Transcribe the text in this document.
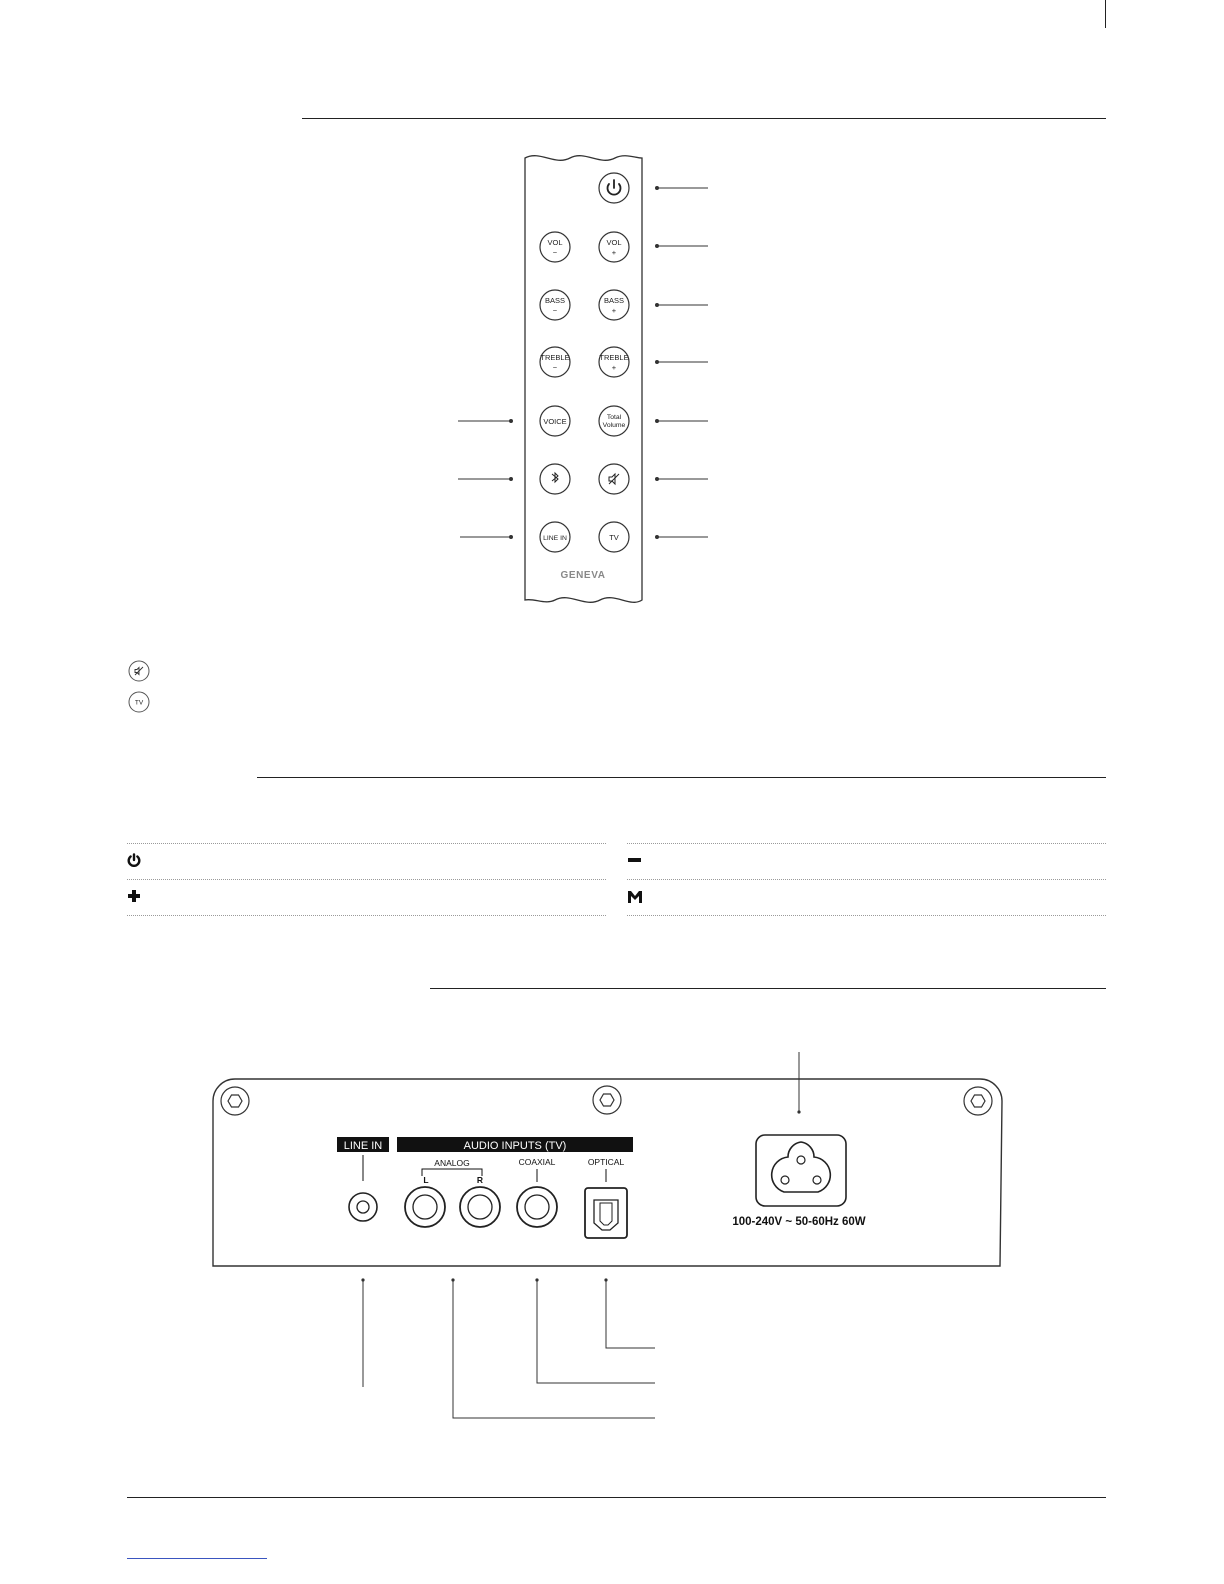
VOL
−
VOL
+
BASS
−
BASS
+
TREBLE
−
TREBLE
+
VOICE	Total
Volume
LINE IN	TV
GENEVA
TV
LINE IN	AUDIO INPUTS (TV)
ANALOG
L	R
COAXIAL	OPTICAL
100-240V ~ 50-60Hz 60W
